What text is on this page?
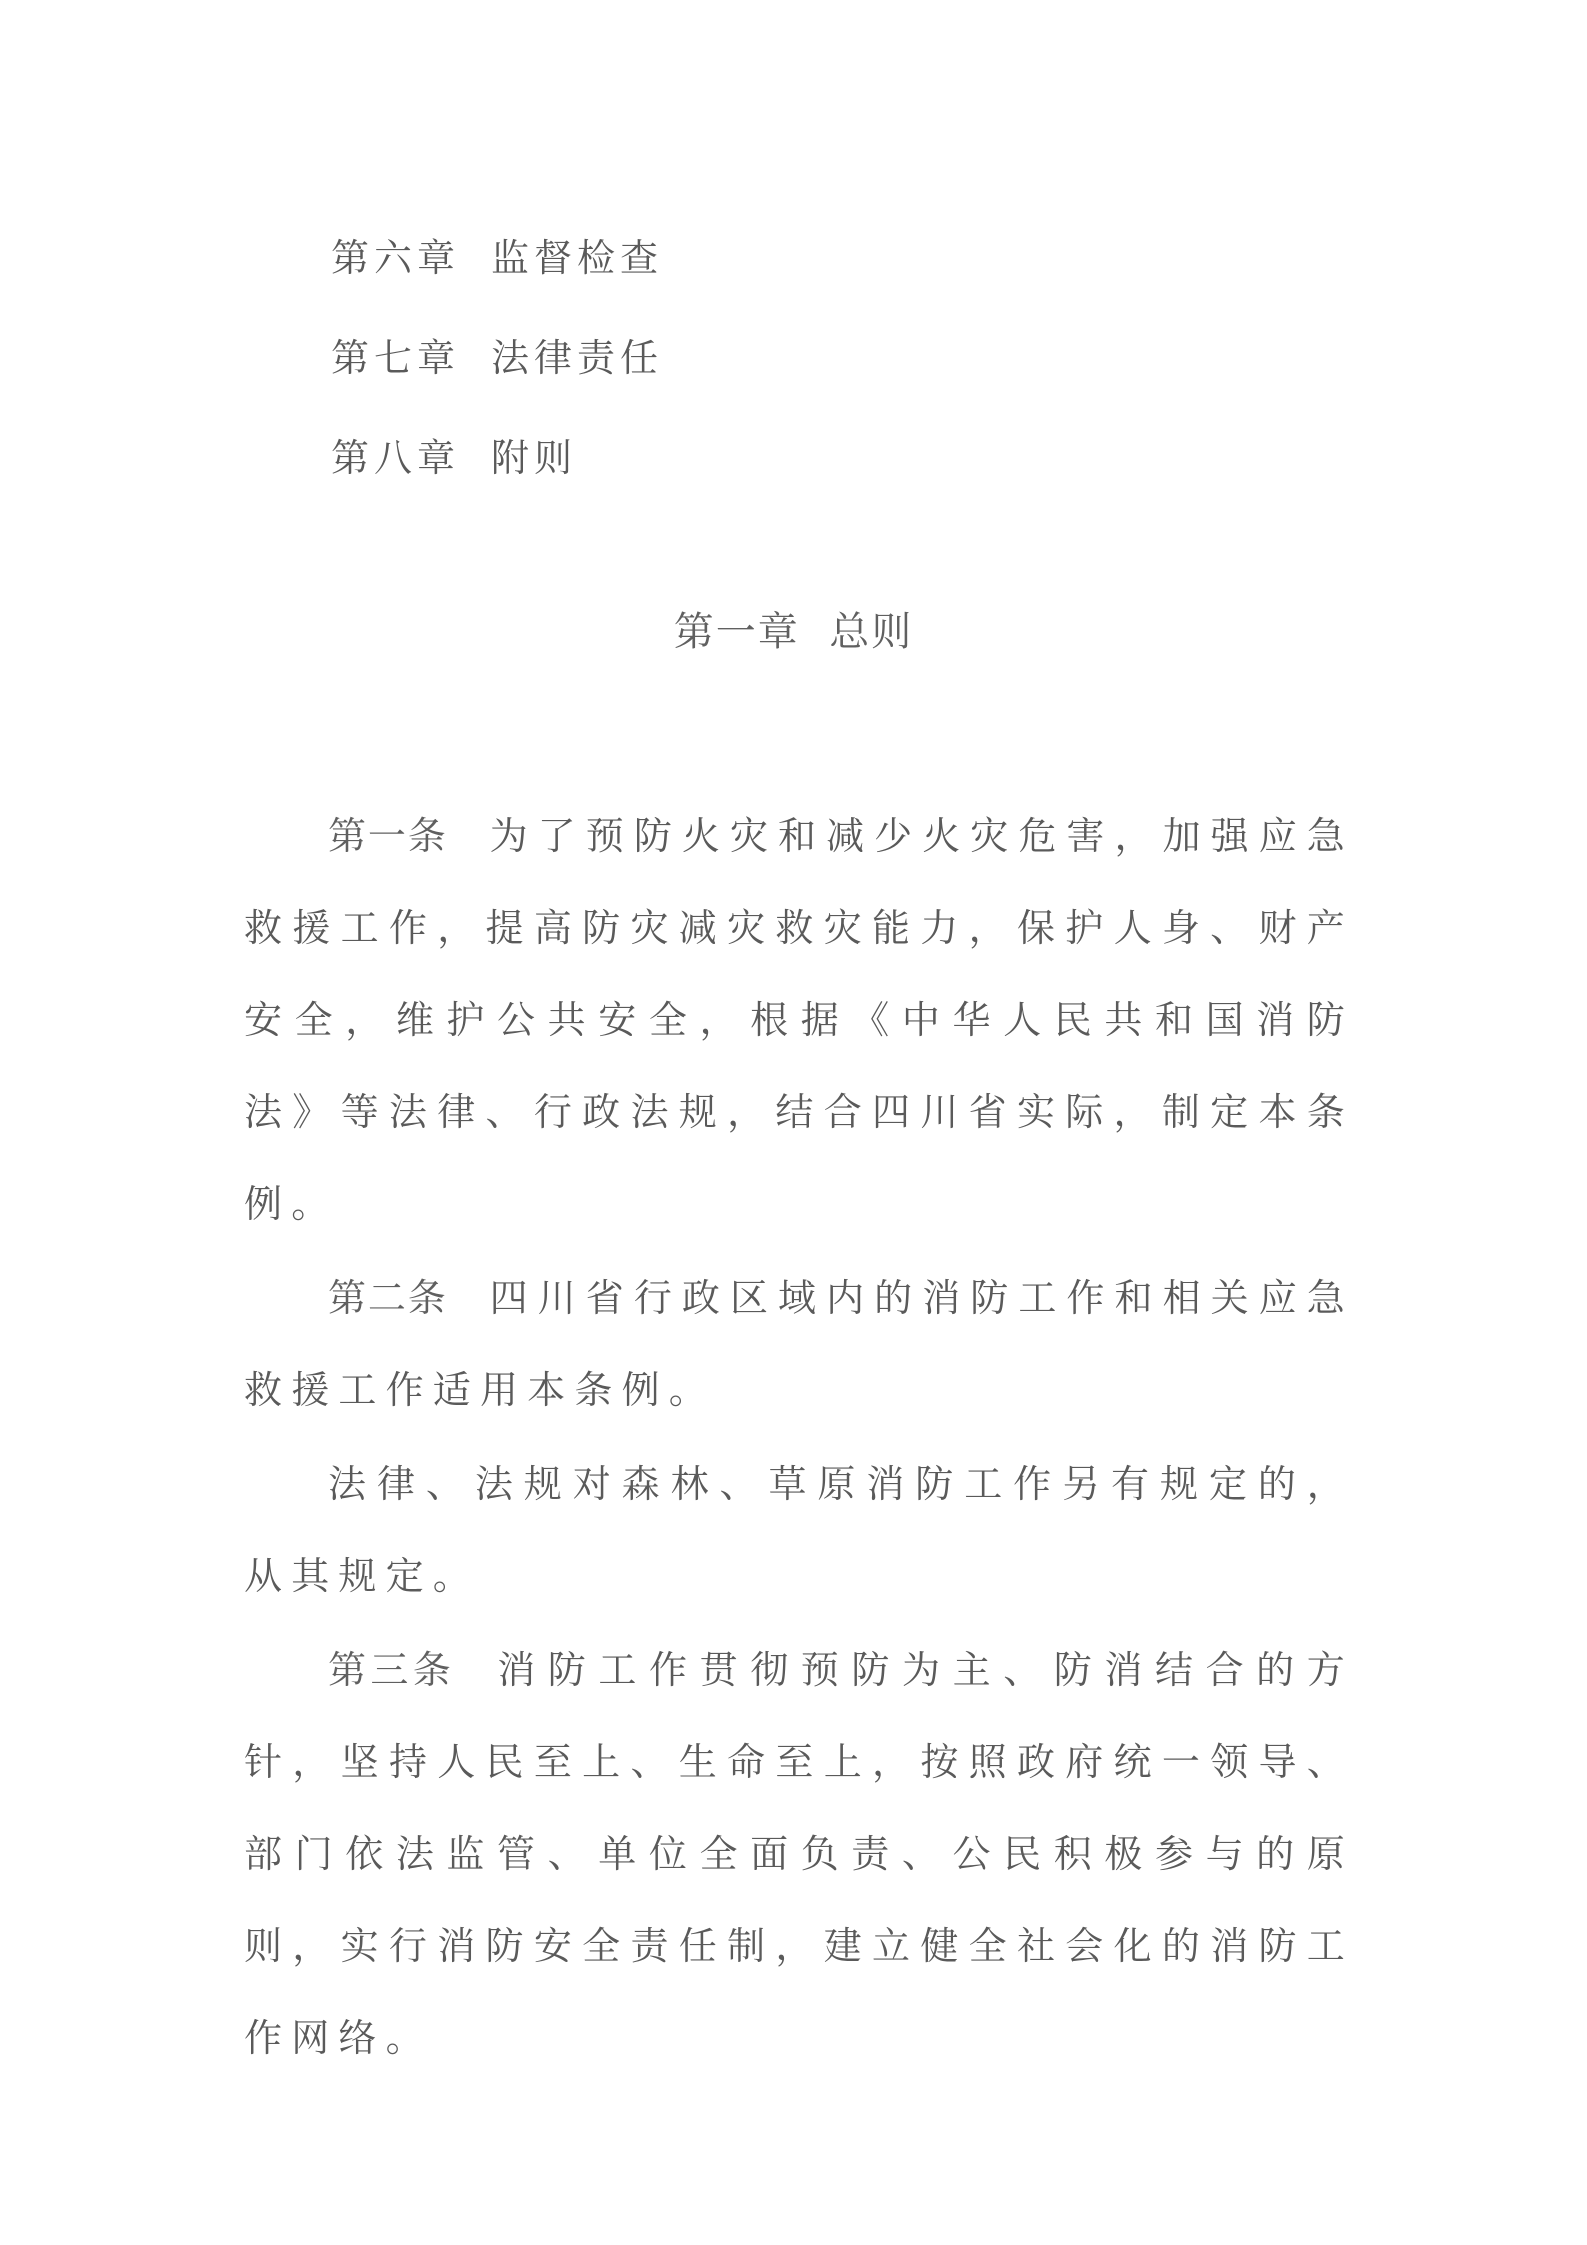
第六章 监督检查
第七章 法律责任
第八章 附则
第一章  总则

第一条 为了预防火灾和减少火灾危害，加强应急救援工作，提高防灾减灾救灾能力，保护人身、财产安全，维护公共安全，根据《中华人民共和国消防法》等法律、行政法规，结合四川省实际，制定本条例。

第二条 四川省行政区域内的消防工作和相关应急救援工作适用本条例。

法律、法规对森林、草原消防工作另有规定的，从其规定。

第三条 消防工作贯彻预防为主、防消结合的方针，坚持人民至上、生命至上，按照政府统一领导、部门依法监管、单位全面负责、公民积极参与的原则，实行消防安全责任制，建立健全社会化的消防工作网络。
